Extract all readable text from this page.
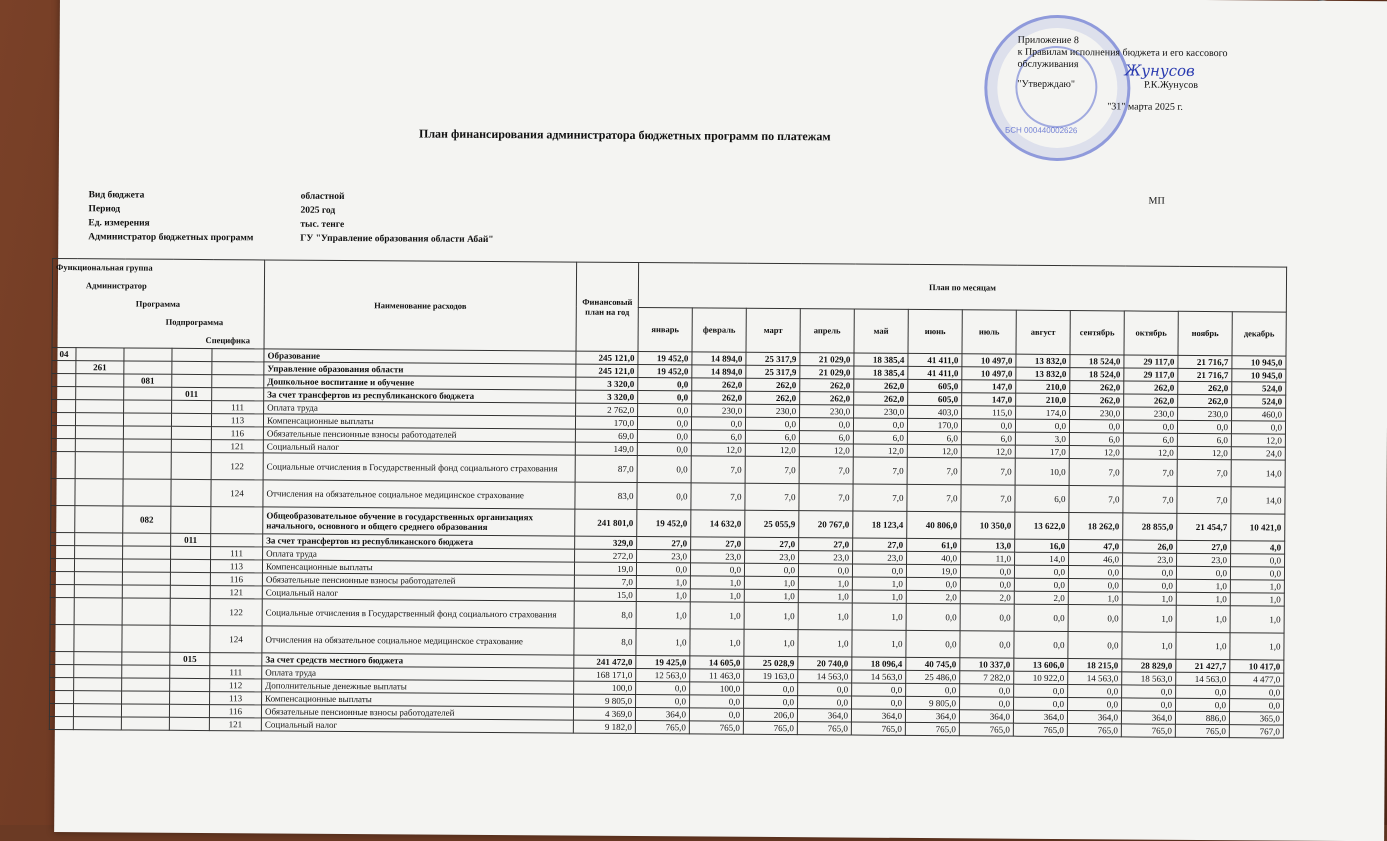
БСН 000440002626
Приложение 8
к Правилам исполнения бюджета и его кассового
обслуживания
"Утверждаю"	Р.К.Жунусов
"31" марта 2025 г.
Жунусов
План финансирования администратора бюджетных программ по платежам
МП
Вид бюджета	областной
Период	2025 год
Ед. измерения	тыс. тенге
Администратор бюджетных программ	ГУ "Управление образования области Абай"
Функциональная группа
Администратор
Программа
Подпрограмма
Специфика					Наименование расходов	Финансовый план на год	План по месяцам											
							январь	февраль	март	апрель	май	июнь	июль	август	сентябрь	октябрь	ноябрь	декабрь
04					Образование	245 121,0	19 452,0	14 894,0	25 317,9	21 029,0	18 385,4	41 411,0	10 497,0	13 832,0	18 524,0	29 117,0	21 716,7	10 945,0
	261				Управление образования области	245 121,0	19 452,0	14 894,0	25 317,9	21 029,0	18 385,4	41 411,0	10 497,0	13 832,0	18 524,0	29 117,0	21 716,7	10 945,0
		081			Дошкольное воспитание и обучение	3 320,0	0,0	262,0	262,0	262,0	262,0	605,0	147,0	210,0	262,0	262,0	262,0	524,0
			011		За счет трансфертов из республиканского бюджета	3 320,0	0,0	262,0	262,0	262,0	262,0	605,0	147,0	210,0	262,0	262,0	262,0	524,0
				111	Оплата труда	2 762,0	0,0	230,0	230,0	230,0	230,0	403,0	115,0	174,0	230,0	230,0	230,0	460,0
				113	Компенсационные выплаты	170,0	0,0	0,0	0,0	0,0	0,0	170,0	0,0	0,0	0,0	0,0	0,0	0,0
				116	Обязательные пенсионные взносы работодателей	69,0	0,0	6,0	6,0	6,0	6,0	6,0	6,0	3,0	6,0	6,0	6,0	12,0
				121	Социальный налог	149,0	0,0	12,0	12,0	12,0	12,0	12,0	12,0	17,0	12,0	12,0	12,0	24,0
				122	Социальные отчисления в Государственный фонд социального страхования	87,0	0,0	7,0	7,0	7,0	7,0	7,0	7,0	10,0	7,0	7,0	7,0	14,0
				124	Отчисления на обязательное социальное медицинское страхование	83,0	0,0	7,0	7,0	7,0	7,0	7,0	7,0	6,0	7,0	7,0	7,0	14,0
		082			Общеобразовательное обучение в государственных организациях начального, основного и общего среднего образования	241 801,0	19 452,0	14 632,0	25 055,9	20 767,0	18 123,4	40 806,0	10 350,0	13 622,0	18 262,0	28 855,0	21 454,7	10 421,0
			011		За счет трансфертов из республиканского бюджета	329,0	27,0	27,0	27,0	27,0	27,0	61,0	13,0	16,0	47,0	26,0	27,0	4,0
				111	Оплата труда	272,0	23,0	23,0	23,0	23,0	23,0	40,0	11,0	14,0	46,0	23,0	23,0	0,0
				113	Компенсационные выплаты	19,0	0,0	0,0	0,0	0,0	0,0	19,0	0,0	0,0	0,0	0,0	0,0	0,0
				116	Обязательные пенсионные взносы работодателей	7,0	1,0	1,0	1,0	1,0	1,0	0,0	0,0	0,0	0,0	0,0	1,0	1,0
				121	Социальный налог	15,0	1,0	1,0	1,0	1,0	1,0	2,0	2,0	2,0	1,0	1,0	1,0	1,0
				122	Социальные отчисления в Государственный фонд социального страхования	8,0	1,0	1,0	1,0	1,0	1,0	0,0	0,0	0,0	0,0	1,0	1,0	1,0
				124	Отчисления на обязательное социальное медицинское страхование	8,0	1,0	1,0	1,0	1,0	1,0	0,0	0,0	0,0	0,0	1,0	1,0	1,0
			015		За счет средств местного бюджета	241 472,0	19 425,0	14 605,0	25 028,9	20 740,0	18 096,4	40 745,0	10 337,0	13 606,0	18 215,0	28 829,0	21 427,7	10 417,0
				111	Оплата труда	168 171,0	12 563,0	11 463,0	19 163,0	14 563,0	14 563,0	25 486,0	7 282,0	10 922,0	14 563,0	18 563,0	14 563,0	4 477,0
				112	Дополнительные денежные выплаты	100,0	0,0	100,0	0,0	0,0	0,0	0,0	0,0	0,0	0,0	0,0	0,0	0,0
				113	Компенсационные выплаты	9 805,0	0,0	0,0	0,0	0,0	0,0	9 805,0	0,0	0,0	0,0	0,0	0,0	0,0
				116	Обязательные пенсионные взносы работодателей	4 369,0	364,0	0,0	206,0	364,0	364,0	364,0	364,0	364,0	364,0	364,0	886,0	365,0
				121	Социальный налог	9 182,0	765,0	765,0	765,0	765,0	765,0	765,0	765,0	765,0	765,0	765,0	765,0	767,0
